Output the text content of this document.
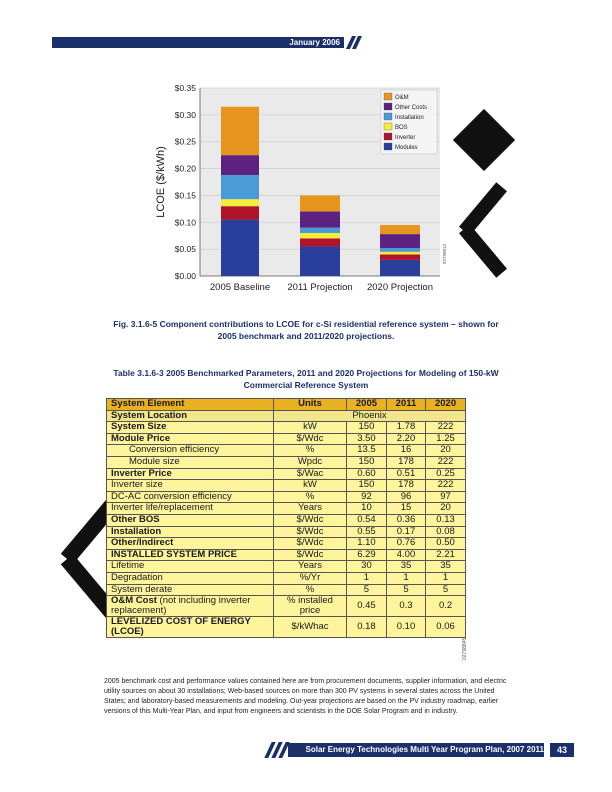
January 2006
$0.00
$0.05
$0.10
$0.15
$0.20
$0.25
$0.30
$0.35
LCOE ($/kWh)
2005 Baseline 2011 Projection 2020 Projection
O&M
Other Costs
Installation
BOS
Inverter
Modules
02798813
Fig. 3.1.6-5 Component contributions to LCOE for c-Si residential reference system – shown for 2005 benchmark and 2011/2020 projections.
Table 3.1.6-3 2005 Benchmarked Parameters, 2011 and 2020 Projections for Modeling of 150-kW Commercial Reference System
System Element	Units	2005	2011	2020
System Location	Phoenix			
System Size	kW	150	1.78	222
Module Price	$/Wdc	3.50	2.20	1.25
Conversion efficiency	%	13.5	16	20
Module size	Wpdc	150	178	222
Inverter Price	$/Wac	0.60	0.51	0.25
Inverter size	kW	150	178	222
DC-AC conversion efficiency	%	92	96	97
Inverter life/replacement	Years	10	15	20
Other BOS	$/Wdc	0.54	0.36	0.13
Installation	$/Wdc	0.55	0.17	0.08
Other/Indirect	$/Wdc	1.10	0.76	0.50
INSTALLED SYSTEM PRICE	$/Wdc	6.29	4.00	2.21
Lifetime	Years	30	35	35
Degradation	%/Yr	1	1	1
System derate	%	5	5	5
O&M Cost (not including inverter replacement)	% installed price	0.45	0.3	0.2
LEVELIZED COST OF ENERGY (LCOE)	$/kWhac	0.18	0.10	0.06
02798845
2005 benchmark cost and performance values contained here are from procurement documents, supplier information, and electric utility sources on about 30 installations; Web-based sources on more than 300 PV systems in several states across the United States; and laboratory-based measurements and modeling. Out-year projections are based on the PV industry roadmap, earlier versions of this Multi-Year Plan, and input from engineers and scientists in the DOE Solar Program and in industry.
Solar Energy Technologies Multi Year Program Plan, 2007 2011	43
